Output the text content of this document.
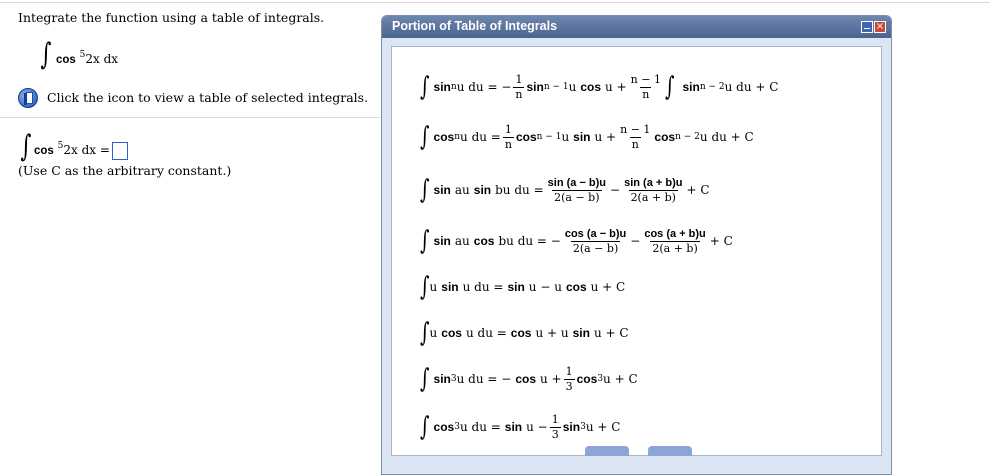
Integrate the function using a table of integrals.
∫ cos $^5$2x dx
Click the icon to view a table of selected integrals.
∫ cos $^5$2x dx =
(Use C as the arbitrary constant.)
Portion of Table of Integrals	×
∫ sin n u du = − $\frac{1}{n}$ sin n − 1 u $\cos u + \frac{n - 1}{n}$ ∫ sin n − 2 u du + C
∫ cos n u du = $\frac{1}{n}$ cos n − 1 u $\sin u + \frac{n - 1}{n}$ cos n − 2 u du + C
∫ sin au sin bu du = $\frac{\sin (a - b)u}{2(a - b)} - \frac{\sin (a + b)u}{2(a + b)} + C$
∫ sin au cos bu du = − $\frac{\cos (a - b)u}{2(a - b)} - \frac{\cos (a + b)u}{2(a + b)} + C$
∫ u sin u du = sin u − u cos u + C
∫ u cos u du = cos u + u sin u + C
∫ sin 3 u du = − $\cos u + \frac{1}{3}$ cos 3 u + C
∫ cos 3 u du = $\sin u - \frac{1}{3}$ sin 3 u + C
